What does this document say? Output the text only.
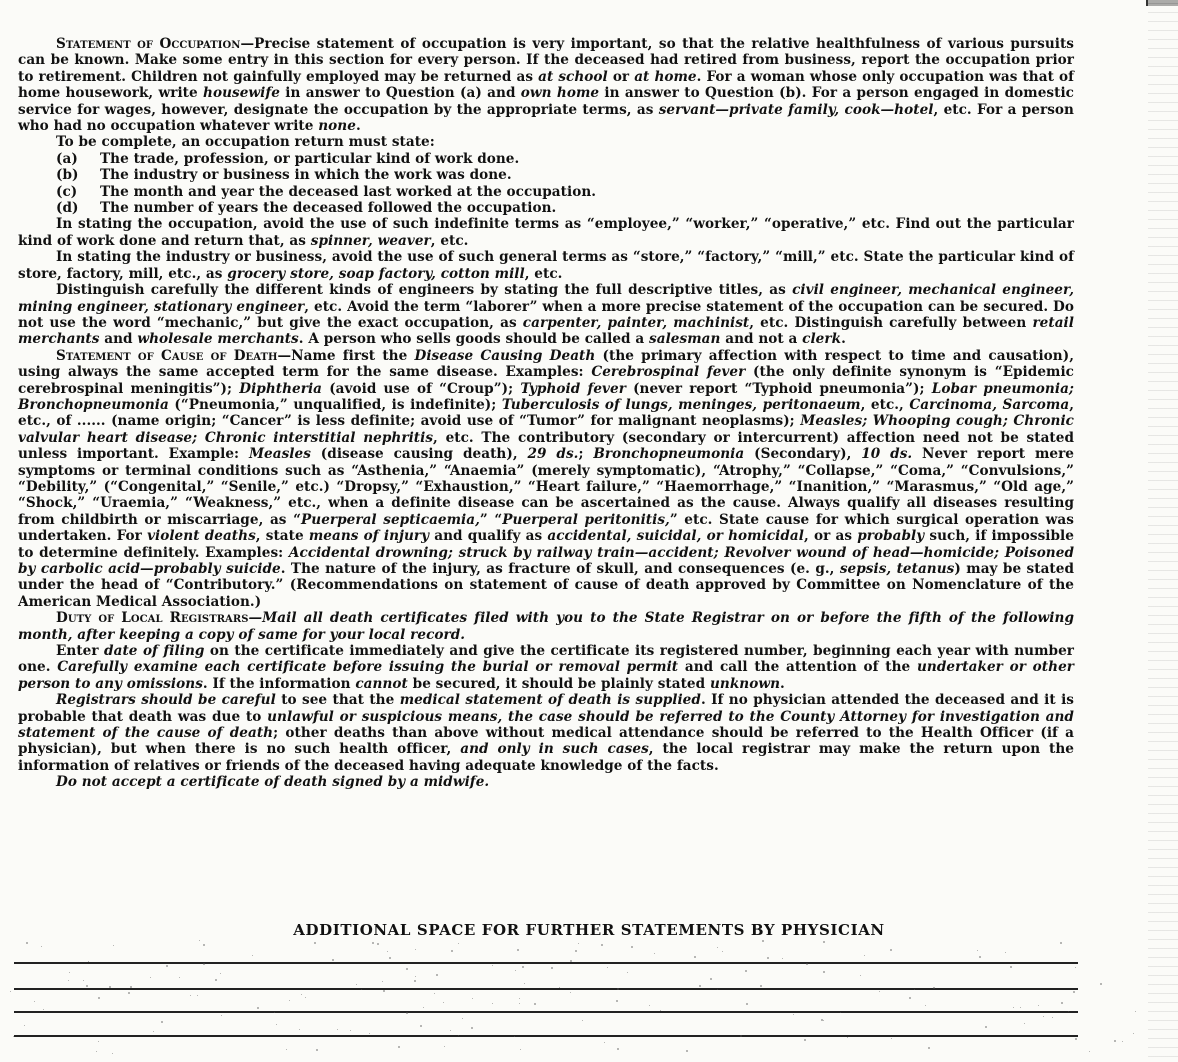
Statement of Occupation—Precise statement of occupation is very important, so that the relative healthfulness of various pursuits can be known. Make some entry in this section for every person. If the deceased had retired from business, report the occupation prior to retirement. Children not gainfully employed may be returned as at school or at home. For a woman whose only occupation was that of home housework, write housewife in answer to Question (a) and own home in answer to Question (b). For a person engaged in domestic service for wages, however, designate the occupation by the appropriate terms, as servant—private family, cook—hotel, etc. For a person who had no occupation whatever write none.

To be complete, an occupation return must state:

(a) The trade, profession, or particular kind of work done.
(b) The industry or business in which the work was done.
(c) The month and year the deceased last worked at the occupation.
(d) The number of years the deceased followed the occupation.

In stating the occupation, avoid the use of such indefinite terms as “employee,” “worker,” “operative,” etc. Find out the particular kind of work done and return that, as spinner, weaver, etc.

In stating the industry or business, avoid the use of such general terms as “store,” “factory,” “mill,” etc. State the particular kind of store, factory, mill, etc., as grocery store, soap factory, cotton mill, etc.

Distinguish carefully the different kinds of engineers by stating the full descriptive titles, as civil engineer, mechanical engineer, mining engineer, stationary engineer, etc. Avoid the term “laborer” when a more precise statement of the occupation can be secured. Do not use the word “mechanic,” but give the exact occupation, as carpenter, painter, machinist, etc. Distinguish carefully between retail merchants and wholesale merchants. A person who sells goods should be called a salesman and not a clerk.

Statement of Cause of Death—Name first the Disease Causing Death (the primary affection with respect to time and causation), using always the same accepted term for the same disease. Examples: Cerebrospinal fever (the only definite synonym is “Epidemic cerebrospinal meningitis”); Diphtheria (avoid use of “Croup”); Typhoid fever (never report “Typhoid pneumonia”); Lobar pneumonia; Bronchopneumonia (“Pneumonia,” unqualified, is indefinite); Tuberculosis of lungs, meninges, peritonaeum, etc., Carcinoma, Sarcoma, etc., of ...... (name origin; “Cancer” is less definite; avoid use of “Tumor” for malignant neoplasms); Measles; Whooping cough; Chronic valvular heart disease; Chronic interstitial nephritis, etc. The contributory (secondary or intercurrent) affection need not be stated unless important. Example: Measles (disease causing death), 29 ds.; Bronchopneumonia (Secondary), 10 ds. Never report mere symptoms or terminal conditions such as “Asthenia,” “Anaemia” (merely symptomatic), “Atrophy,” “Collapse,” “Coma,” “Convulsions,” “Debility,” (“Congenital,” “Senile,” etc.) “Dropsy,” “Exhaustion,” “Heart failure,” “Haemorrhage,” “Inanition,” “Marasmus,” “Old age,” “Shock,” “Uraemia,” “Weakness,” etc., when a definite disease can be ascertained as the cause. Always qualify all diseases resulting from childbirth or miscarriage, as “Puerperal septicaemia,” “Puerperal peritonitis,” etc. State cause for which surgical operation was undertaken. For violent deaths, state means of injury and qualify as accidental, suicidal, or homicidal, or as probably such, if impossible to determine definitely. Examples: Accidental drowning; struck by railway train—accident; Revolver wound of head—homicide; Poisoned by carbolic acid—probably suicide. The nature of the injury, as fracture of skull, and consequences (e. g., sepsis, tetanus) may be stated under the head of “Contributory.” (Recommendations on statement of cause of death approved by Committee on Nomenclature of the American Medical Association.)

Duty of Local Registrars—Mail all death certificates filed with you to the State Registrar on or before the fifth of the following month, after keeping a copy of same for your local record.

Enter date of filing on the certificate immediately and give the certificate its registered number, beginning each year with number one. Carefully examine each certificate before issuing the burial or removal permit and call the attention of the undertaker or other person to any omissions. If the information cannot be secured, it should be plainly stated unknown.

Registrars should be careful to see that the medical statement of death is supplied. If no physician attended the deceased and it is probable that death was due to unlawful or suspicious means, the case should be referred to the County Attorney for investigation and statement of the cause of death; other deaths than above without medical attendance should be referred to the Health Officer (if a physician), but when there is no such health officer, and only in such cases, the local registrar may make the return upon the information of relatives or friends of the deceased having adequate knowledge of the facts.

Do not accept a certificate of death signed by a midwife.

ADDITIONAL SPACE FOR FURTHER STATEMENTS BY PHYSICIAN
